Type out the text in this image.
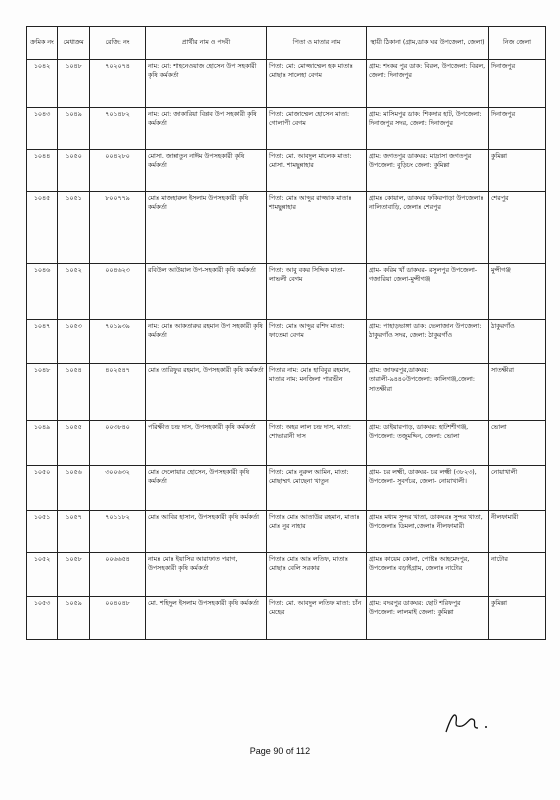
ক্রমিক নং	মেধাক্রম	রেজি: নং	প্রার্থীর নাম ও পদবী	পিতা ও মাতার নাম	স্থায়ী ঠিকানা (গ্রাম,ডাক ঘর উপজেলা, জেলা)	নিজ জেলা
১০৪২	১০৪৮	৭০২০৭৪	নাম: মো: শাহনেওয়াজ হোসেন উপ সহকারী কৃষি কর্মকর্তা	পিতা: মো: মোজ্জাম্মেল হক মাতাঃ মোছাঃ সালেহা বেগম	গ্রাম: শংকর পুর ডাক: বিরল, উপজেলা: বিরল, জেলা: দিনাজপুর	দিনাজপুর
১০৪৩	১০৪৯	৭০১৪৮২	নাম: মো: জাকারিয়া বিপ্লব উপ সহকারী কৃষি কর্মকর্তা	পিতা: মোজাম্মেল হোসেন মাতা: গোলাপী বেগম	গ্রাম: মাসিমপুর ডাক: শিকদার হাট, উপজেলা: দিনাজপুর সদর, জেলা: দিনাজপুর	দিনাজপুর
১০৪৪	১০৫০	০০৪২৮০	মোসা. জান্নাতুন নাঈম উপসহকারী কৃষি কর্মকর্তা	পিতা: মো. আবদুল মালেক মাতা: মোসা. শামছুন্নাহার	গ্রাম: জগতপুর ডাকঘর: মাদ্রাসা জগতপুর উপজেলা: বুড়িচং জেলা: কুমিল্লা	কুমিল্লা
১০৪৫	১০৫১	৮০০৭৭৯	মোঃ মাজহারুল ইসলাম উপসহকারী কৃষি কর্মকর্তা	পিতা: মোঃ আব্দুর রাজ্জাক মাতাঃ শামছুন্নাহার	গ্রামঃ কোয়াল, ডাকঘর ফকিরপাড়া উপজেলাঃ নালিতাবাড়ি, জেলাঃ শেরপুর	শেরপুর
১০৪৬	১০৫২	০০৪৬২৩	রবিউল আউয়াল উপ-সহকারী কৃষি কর্মকর্তা	পিতা: আবু বকর সিদ্দিক মাতা- লাভলী বেগম	গ্রাম- করিম খাঁ ডাকঘর- রসুলপুর উপজেলা- গজারিয়া জেলা-মুন্সীগঞ্জ	মুন্সীগঞ্জ
১০৪৭	১০৫৩	৭০১৯৩৯	নাম: মোঃ আকতারুর রহমান উপ সহকারী কৃষি কর্মকর্তা	পিতা: মোঃ আব্দুর রশিদ মাতা: ফাতেমা বেগম	গ্রাম: পাহাড়ভাঙ্গা ডাক: ভেলাজান উপজেলা: ঠাকুরগাঁও সদর, জেলা: ঠাকুরগাঁও	ঠাকুরগাঁও
১০৪৮	১০৫৪	৪০২৫৪৭	মোঃ তারিফুর রহমান, উপসহকারী কৃষি কর্মকর্তা	পিতার নাম: মোঃ হাবিবুর রহমান, মাতার নাম: মনজিলা পারভীন	গ্রাম: জাফরপুর,ডাকঘর: তারালী-৯৪৪০উপজেলা: কালিগঞ্জ,জেলা: সাতক্ষীরা	সাতক্ষীরা
১০৪৯	১০৫৫	০০৩৮৪০	পরিক্ষীত চন্দ্র দাস, উপসহকারী কৃষি কর্মকর্তা	পিতা: অহর লাল চন্দ্র দাস, মাতা: শোভারানী দাস	গ্রাম: ডাইয়ারপাড়, ডাকঘর: হাটশশীগঞ্জ, উপজেলা: তজুমদ্দিন, জেলা: ভোলা	ভোলা
১০৫০	১০৫৬	৩০০৬৩২	মোঃ দেলোয়ার হোসেন, উপসহকারী কৃষি কর্মকর্তা	পিতা: মোঃ নুরুল আমিন, মাতা: মোছাম্মৎ মোছেনা খাতুন	গ্রাম- চর লক্ষ্মী, ডাকঘর- চর লক্ষ্মী (৩৮২৩), উপজেলা- সুবর্ণচর, জেলা- নোয়াখালী।	নোয়াখালী
১০৫১	১০৫৭	৭০১১৮২	মোঃ আবির হাসান, উপসহকারী কৃষি কর্মকর্তা	পিতাঃ মোঃ আতাউর রহমান, মাতাঃ মোঃ নুর নাহার	গ্রামঃ মধ্যম সুন্দর খাতা, ডাকঘরঃ সুন্দর খাতা, উপজেলাঃ ডিমলা,জেলাঃ নীলফামারী	নীলফামারী
১০৫২	১০৫৮	০০৬৬৫৪	নামঃ মোঃ ইয়াসির আরাফাত পরাগ, উপসহকারী কৃষি কর্মকর্তা	পিতাঃ মোঃ আঃ লতিফ, মাতাঃ মোছাঃ বেলি সরকার	গ্রামঃ কায়েম কোলা, পোষ্টঃ আহমেদপুর, উপজেলাঃ বড়াইগ্রাম, জেলাঃ নাটোর	নাটোর
১০৫৩	১০৫৯	০০৪০৪৮	মো. শহিদুল ইসলাম উপসহকারী কৃষি কর্মকর্তা	পিতা: মো. আবদুল লতিফ মাতা: চাঁন মেহের	গ্রাম: বদরপুর ডাকঘর: ছোট শরিফপুর উপজেলা: লালমাই জেলা: কুমিল্লা	কুমিল্লা
Page 90 of 112
